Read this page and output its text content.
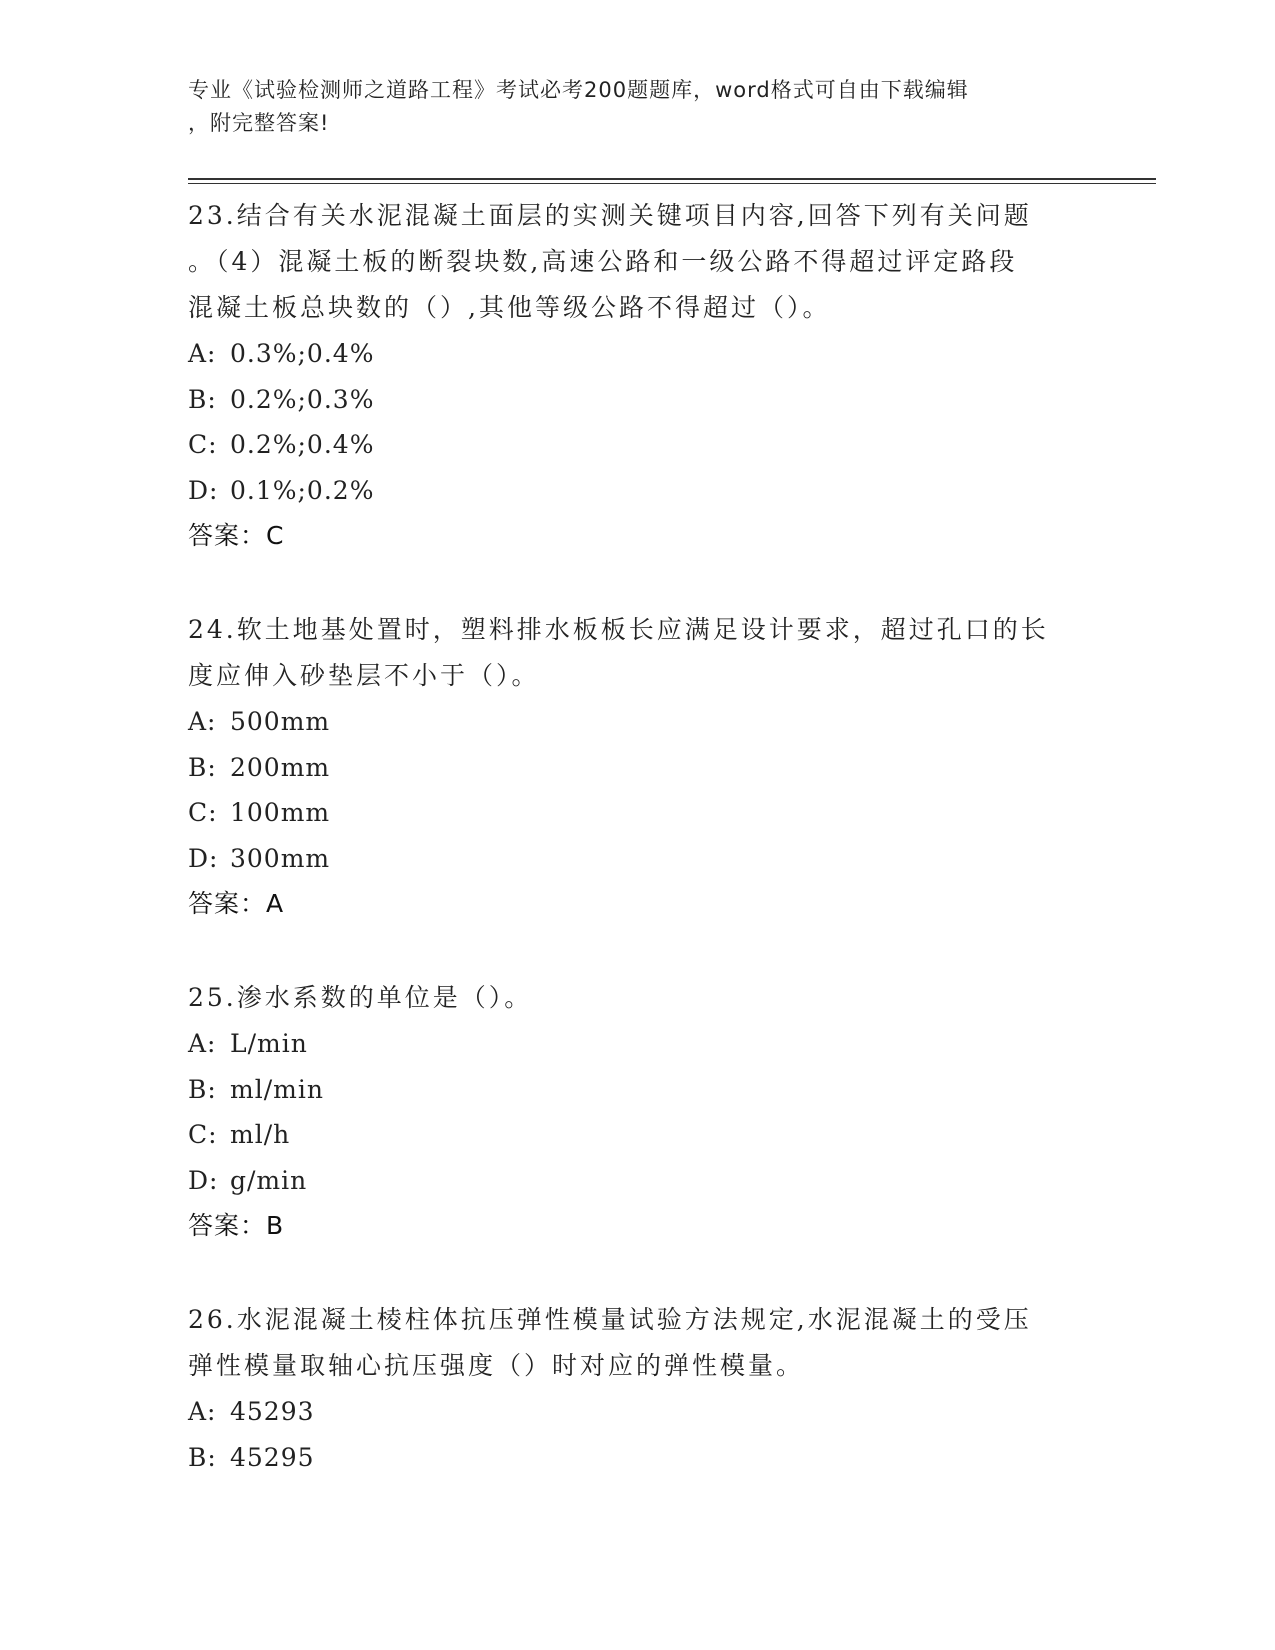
专业《试验检测师之道路工程》考试必考200题题库，word格式可自由下载编辑
，附完整答案!
23.结合有关水泥混凝土面层的实测关键项目内容,回答下列有关问题
。（4）混凝土板的断裂块数,高速公路和一级公路不得超过评定路段
混凝土板总块数的（）,其他等级公路不得超过（）。
A: 0.3%;0.4%
B: 0.2%;0.3%
C: 0.2%;0.4%
D: 0.1%;0.2%
答案：C
24.软土地基处置时，塑料排水板板长应满足设计要求，超过孔口的长
度应伸入砂垫层不小于（）。
A: 500mm
B: 200mm
C: 100mm
D: 300mm
答案：A
25.渗水系数的单位是（）。
A: L/min
B: ml/min
C: ml/h
D: g/min
答案：B
26.水泥混凝土棱柱体抗压弹性模量试验方法规定,水泥混凝土的受压
弹性模量取轴心抗压强度（）时对应的弹性模量。
A: 45293
B: 45295
